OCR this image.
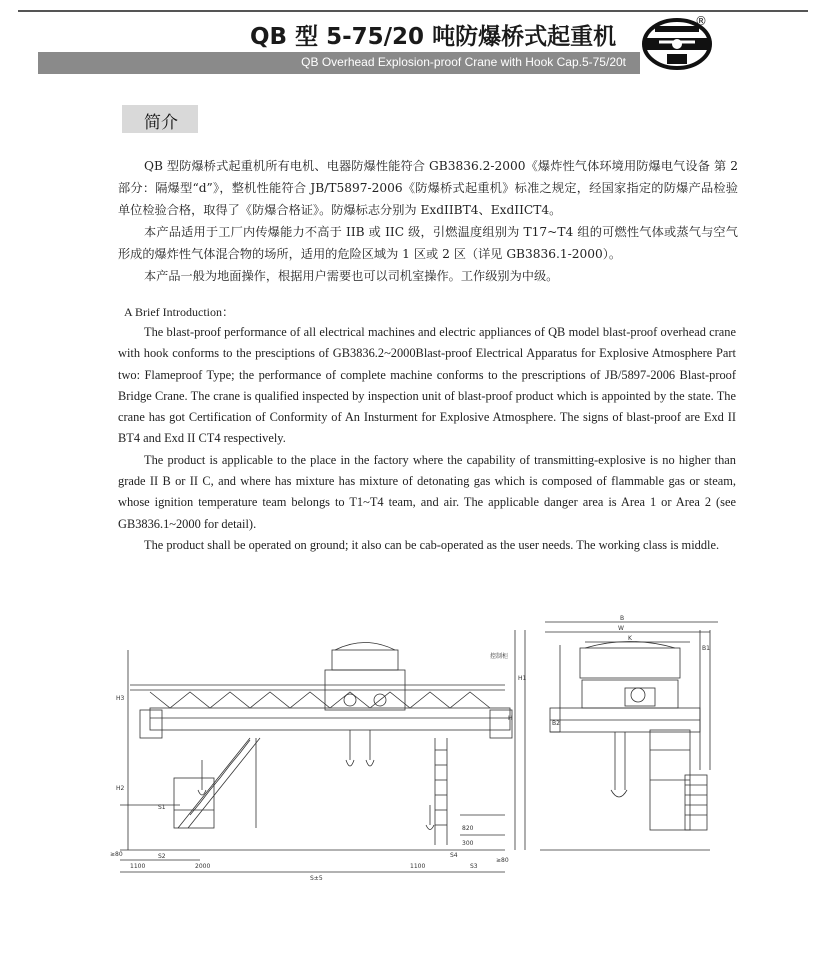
QB 型 5-75/20 吨防爆桥式起重机
QB Overhead Explosion-proof Crane with Hook Cap.5-75/20t
®
简介

QB 型防爆桥式起重机所有电机、电器防爆性能符合 GB3836.2-2000《爆炸性气体环境用防爆电气设备 第 2 部分：隔爆型“d”》，整机性能符合 JB/T5897-2006《防爆桥式起重机》标准之规定，经国家指定的防爆产品检验单位检验合格，取得了《防爆合格证》。防爆标志分别为 ExdIIBT4、ExdIICT4。

本产品适用于工厂内传爆能力不高于 IIB 或 IIC 级，引燃温度组别为 T17~T4 组的可燃性气体或蒸气与空气形成的爆炸性气体混合物的场所，适用的危险区域为 1 区或 2 区（详见 GB3836.1-2000）。

本产品一般为地面操作，根据用户需要也可以司机室操作。工作级别为中级。

A Brief Introduction：

The blast-proof performance of all electrical machines and electric appliances of QB model blast-proof overhead crane with hook conforms to the presciptions of GB3836.2~2000Blast-proof Electrical Apparatus for Explosive Atmosphere Part two: Flameproof Type; the performance of complete machine conforms to the prescriptions of JB/5897-2006 Blast-proof Bridge Crane. The crane is qualified inspected by inspection unit of blast-proof product which is appointed by the state. The crane has got Certification of Conformity of An Insturment for Explosive Atmosphere. The signs of blast-proof are Exd II BT4 and Exd II CT4 respectively.

The product is applicable to the place in the factory where the capability of transmitting-explosive is no higher than grade II B or II C, and where has mixture has mixture of detonating gas which is composed of flammable gas or steam, whose ignition temperature team belongs to T1~T4 team, and air. The applicable danger area is Area 1 or Area 2 (see GB3836.1~2000 for detail).

The product shall be operated on ground; it also can be cab-operated as the user needs. The working class is middle.

S1
S2	S4
S3
S±5
1100	2000	1100
820
300
≥80
≥80
H2
H3
H
H1
控制柜
B
W
K
B1
B2
